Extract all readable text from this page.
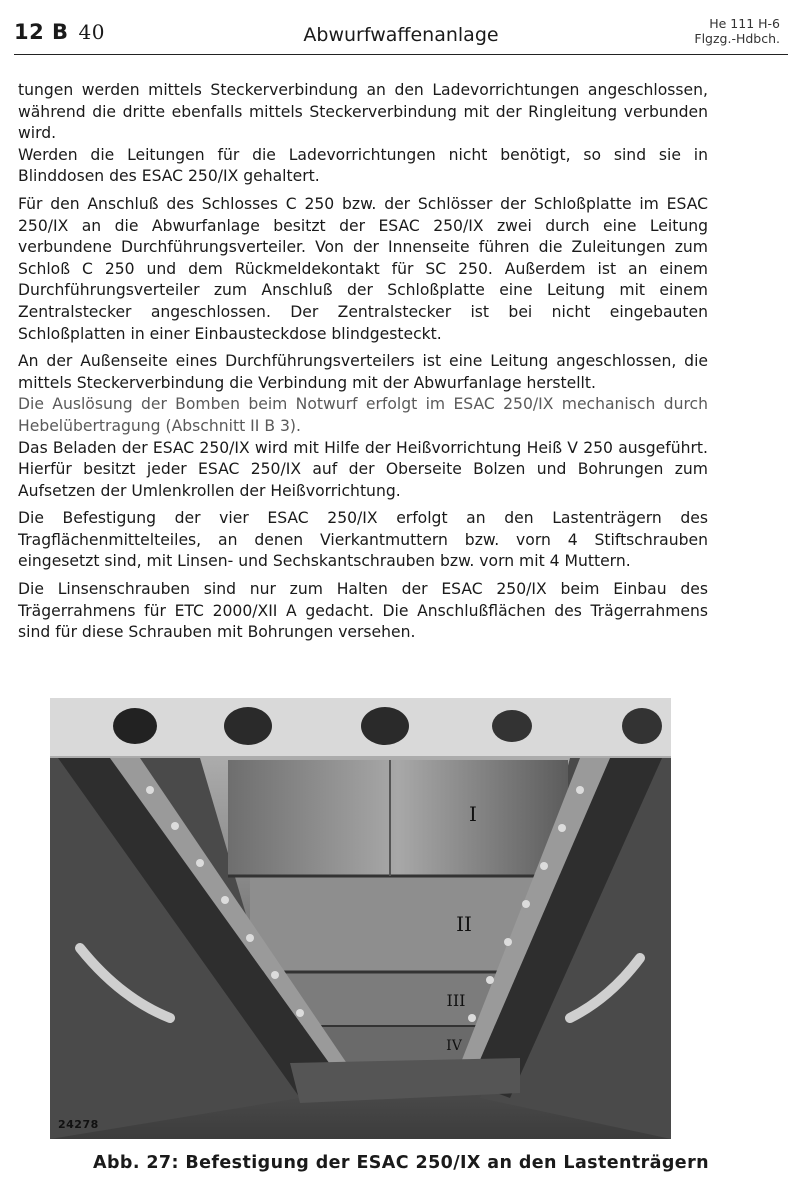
12 B 40	Abwurfwaffenanlage
He 111 H-6
Flgzg.-Hdbch.

tungen werden mittels Steckerverbindung an den Ladevorrichtungen angeschlossen, während die dritte ebenfalls mittels Steckerverbindung mit der Ringleitung verbunden wird.

Werden die Leitungen für die Ladevorrichtungen nicht benötigt, so sind sie in Blinddosen des ESAC 250/IX gehaltert.

Für den Anschluß des Schlosses C 250 bzw. der Schlösser der Schloßplatte im ESAC 250/IX an die Abwurfanlage besitzt der ESAC 250/IX zwei durch eine Leitung verbundene Durchführungsverteiler. Von der Innenseite führen die Zuleitungen zum Schloß C 250 und dem Rückmeldekontakt für SC 250. Außerdem ist an einem Durchführungsverteiler zum Anschluß der Schloßplatte eine Leitung mit einem Zentralstecker angeschlossen. Der Zentralstecker ist bei nicht eingebauten Schloßplatten in einer Einbausteckdose blindgesteckt.

An der Außenseite eines Durchführungsverteilers ist eine Leitung angeschlossen, die mittels Steckerverbindung die Verbindung mit der Abwurfanlage herstellt.

Die Auslösung der Bomben beim Notwurf erfolgt im ESAC 250/IX mechanisch durch Hebelübertragung (Abschnitt II B 3).

Das Beladen der ESAC 250/IX wird mit Hilfe der Heißvorrichtung Heiß V 250 ausgeführt. Hierfür besitzt jeder ESAC 250/IX auf der Oberseite Bolzen und Bohrungen zum Aufsetzen der Umlenkrollen der Heißvorrichtung.

Die Befestigung der vier ESAC 250/IX erfolgt an den Lastenträgern des Tragflächenmittelteiles, an denen Vierkantmuttern bzw. vorn 4 Stiftschrauben eingesetzt sind, mit Linsen- und Sechskantschrauben bzw. vorn mit 4 Muttern.

Die Linsenschrauben sind nur zum Halten der ESAC 250/IX beim Einbau des Trägerrahmens für ETC 2000/XII A gedacht. Die Anschlußflächen des Trägerrahmens sind für diese Schrauben mit Bohrungen versehen.

I
II
III
IV
24278
Abb. 27: Befestigung der ESAC 250/IX an den Lastenträgern
